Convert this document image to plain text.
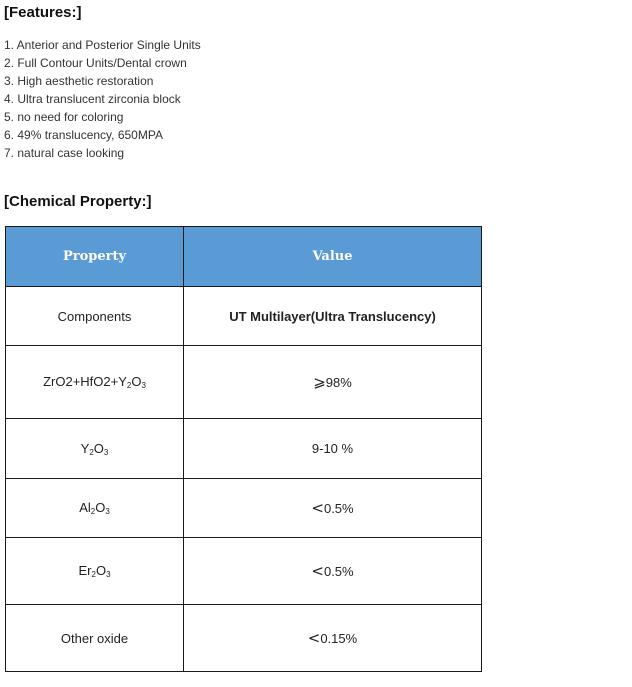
[Features:]
1. Anterior and Posterior Single Units
2. Full Contour Units/Dental crown
3. High aesthetic restoration
4. Ultra translucent zirconia block
5. no need for coloring
6. 49% translucency, 650MPA
7. natural case looking
[Chemical Property:]
Property	Value
Components	UT Multilayer(Ultra Translucency)
$ZrO2+HfO2+Y_2O_3$	⩾98%
$Y_2O_3$	9-10 %
$Al_2O_3$	<0.5%
$Er_2O_3$	<0.5%
Other oxide	<0.15%
